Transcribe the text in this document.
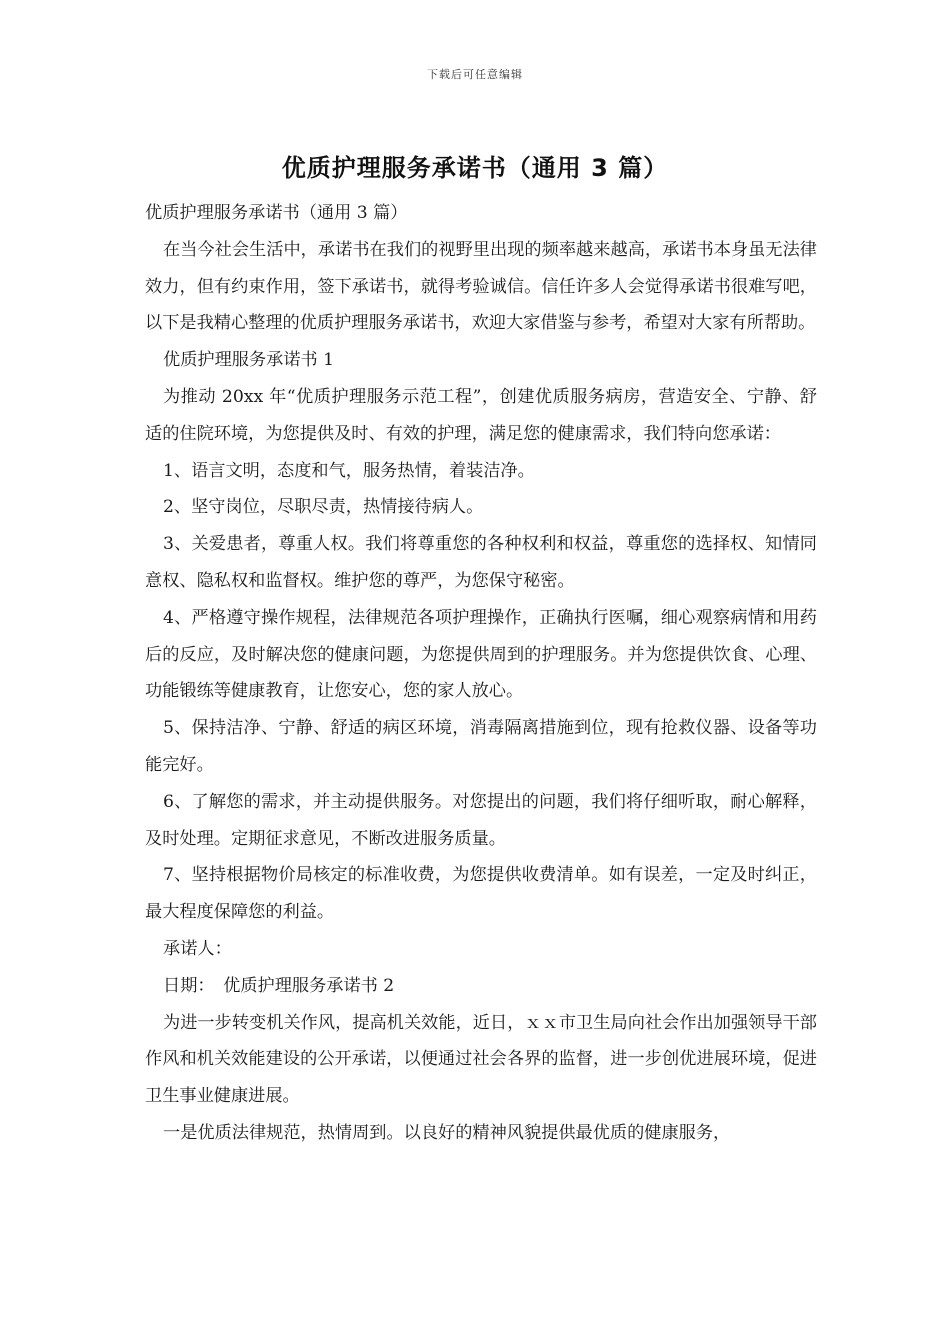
下载后可任意编辑
优质护理服务承诺书（通用 3 篇）

优质护理服务承诺书（通用 3 篇）

在当今社会生活中，承诺书在我们的视野里出现的频率越来越高，承诺书本身虽无法律效力，但有约束作用，签下承诺书，就得考验诚信。信任许多人会觉得承诺书很难写吧，以下是我精心整理的优质护理服务承诺书，欢迎大家借鉴与参考，希望对大家有所帮助。

优质护理服务承诺书 1

为推动 20xx 年“优质护理服务示范工程”，创建优质服务病房，营造安全、宁静、舒适的住院环境，为您提供及时、有效的护理，满足您的健康需求，我们特向您承诺：

1、语言文明，态度和气，服务热情，着装洁净。

2、坚守岗位，尽职尽责，热情接待病人。

3、关爱患者，尊重人权。我们将尊重您的各种权利和权益，尊重您的选择权、知情同意权、隐私权和监督权。维护您的尊严，为您保守秘密。

4、严格遵守操作规程，法律规范各项护理操作，正确执行医嘱，细心观察病情和用药后的反应，及时解决您的健康问题，为您提供周到的护理服务。并为您提供饮食、心理、功能锻练等健康教育，让您安心，您的家人放心。

5、保持洁净、宁静、舒适的病区环境，消毒隔离措施到位，现有抢救仪器、设备等功能完好。

6、了解您的需求，并主动提供服务。对您提出的问题，我们将仔细听取，耐心解释，及时处理。定期征求意见，不断改进服务质量。

7、坚持根据物价局核定的标准收费，为您提供收费清单。如有误差，一定及时纠正，最大程度保障您的利益。

承诺人：

日期：　优质护理服务承诺书 2

为进一步转变机关作风，提高机关效能，近日，ｘｘ市卫生局向社会作出加强领导干部作风和机关效能建设的公开承诺，以便通过社会各界的监督，进一步创优进展环境，促进卫生事业健康进展。

一是优质法律规范，热情周到。以良好的精神风貌提供最优质的健康服务，
